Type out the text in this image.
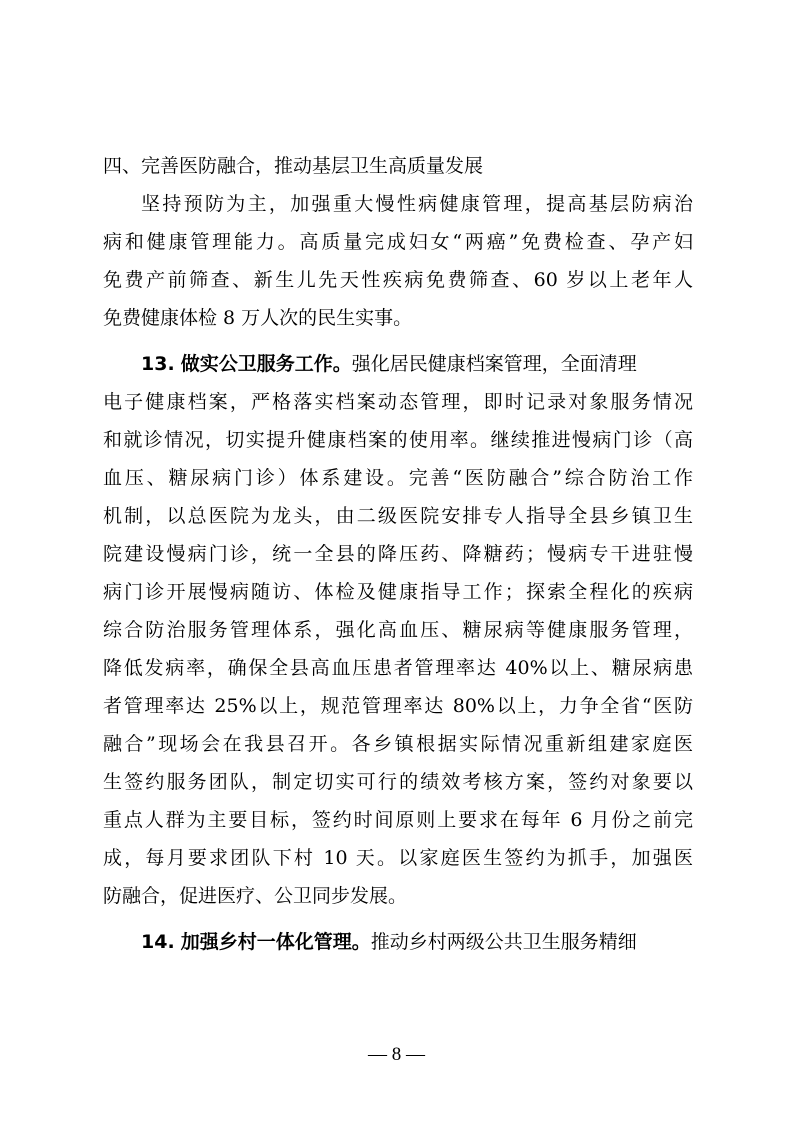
四、完善医防融合，推动基层卫生高质量发展
坚持预防为主，加强重大慢性病健康管理，提高基层防病治
病和健康管理能力。高质量完成妇女“两癌”免费检查、孕产妇
免费产前筛查、新生儿先天性疾病免费筛查、60 岁以上老年人
免费健康体检 8 万人次的民生实事。
13. 做实公卫服务工作。强化居民健康档案管理，全面清理
电子健康档案，严格落实档案动态管理，即时记录对象服务情况
和就诊情况，切实提升健康档案的使用率。继续推进慢病门诊（高
血压、糖尿病门诊）体系建设。完善“医防融合”综合防治工作
机制，以总医院为龙头，由二级医院安排专人指导全县乡镇卫生
院建设慢病门诊，统一全县的降压药、降糖药；慢病专干进驻慢
病门诊开展慢病随访、体检及健康指导工作；探索全程化的疾病
综合防治服务管理体系，强化高血压、糖尿病等健康服务管理，
降低发病率，确保全县高血压患者管理率达 40%以上、糖尿病患
者管理率达 25%以上，规范管理率达 80%以上，力争全省“医防
融合”现场会在我县召开。各乡镇根据实际情况重新组建家庭医
生签约服务团队，制定切实可行的绩效考核方案，签约对象要以
重点人群为主要目标，签约时间原则上要求在每年 6 月份之前完
成，每月要求团队下村 10 天。以家庭医生签约为抓手，加强医
防融合，促进医疗、公卫同步发展。
14. 加强乡村一体化管理。推动乡村两级公共卫生服务精细
— 8 —
